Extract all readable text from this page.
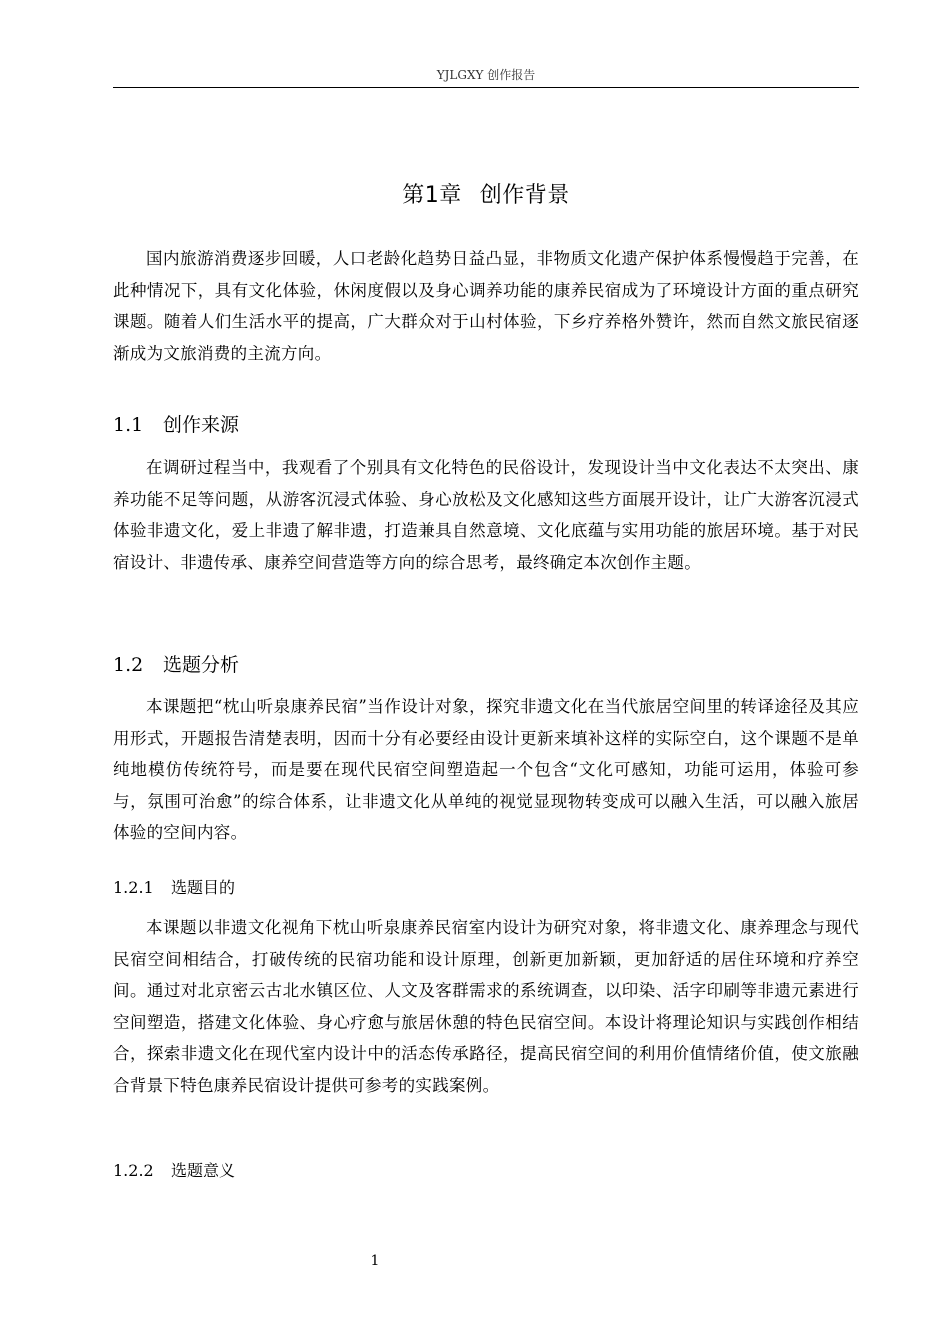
YJLGXY 创作报告
第1章 创作背景
国内旅游消费逐步回暖，人口老龄化趋势日益凸显，非物质文化遗产保护体系慢慢趋于完善，在此种情况下，具有文化体验，休闲度假以及身心调养功能的康养民宿成为了环境设计方面的重点研究课题。随着人们生活水平的提高，广大群众对于山村体验，下乡疗养格外赞许，然而自然文旅民宿逐渐成为文旅消费的主流方向。
1.1 创作来源
在调研过程当中，我观看了个别具有文化特色的民俗设计，发现设计当中文化表达不太突出、康养功能不足等问题，从游客沉浸式体验、身心放松及文化感知这些方面展开设计，让广大游客沉浸式体验非遗文化，爱上非遗了解非遗，打造兼具自然意境、文化底蕴与实用功能的旅居环境。基于对民宿设计、非遗传承、康养空间营造等方向的综合思考，最终确定本次创作主题。
1.2 选题分析
本课题把“枕山听泉康养民宿”当作设计对象，探究非遗文化在当代旅居空间里的转译途径及其应用形式，开题报告清楚表明，因而十分有必要经由设计更新来填补这样的实际空白，这个课题不是单纯地模仿传统符号，而是要在现代民宿空间塑造起一个包含“文化可感知，功能可运用，体验可参与，氛围可治愈”的综合体系，让非遗文化从单纯的视觉显现物转变成可以融入生活，可以融入旅居体验的空间内容。
1.2.1 选题目的
本课题以非遗文化视角下枕山听泉康养民宿室内设计为研究对象，将非遗文化、康养理念与现代民宿空间相结合，打破传统的民宿功能和设计原理，创新更加新颖，更加舒适的居住环境和疗养空间。通过对北京密云古北水镇区位、人文及客群需求的系统调查，以印染、活字印刷等非遗元素进行空间塑造，搭建文化体验、身心疗愈与旅居休憩的特色民宿空间。本设计将理论知识与实践创作相结合，探索非遗文化在现代室内设计中的活态传承路径，提高民宿空间的利用价值情绪价值，使文旅融合背景下特色康养民宿设计提供可参考的实践案例。
1.2.2 选题意义
1
